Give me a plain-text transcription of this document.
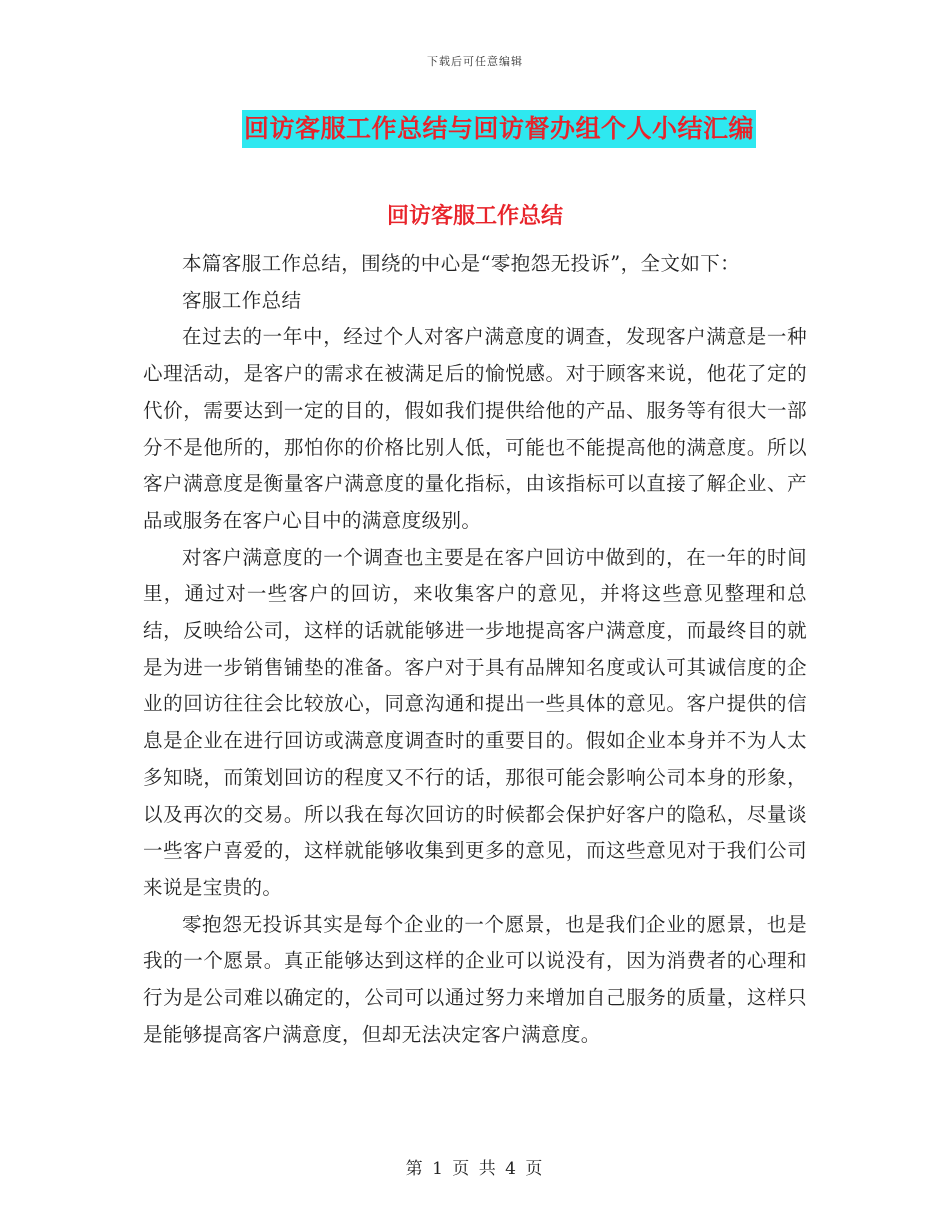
下载后可任意编辑
回访客服工作总结与回访督办组个人小结汇编
回访客服工作总结

本篇客服工作总结，围绕的中心是“零抱怨无投诉”，全文如下：

客服工作总结

在过去的一年中，经过个人对客户满意度的调查，发现客户满意是一种心理活动，是客户的需求在被满足后的愉悦感。对于顾客来说，他花了定的代价，需要达到一定的目的，假如我们提供给他的产品、服务等有很大一部分不是他所的，那怕你的价格比别人低，可能也不能提高他的满意度。所以客户满意度是衡量客户满意度的量化指标，由该指标可以直接了解企业、产品或服务在客户心目中的满意度级别。

对客户满意度的一个调查也主要是在客户回访中做到的，在一年的时间里，通过对一些客户的回访，来收集客户的意见，并将这些意见整理和总结，反映给公司，这样的话就能够进一步地提高客户满意度，而最终目的就是为进一步销售铺垫的准备。客户对于具有品牌知名度或认可其诚信度的企业的回访往往会比较放心，同意沟通和提出一些具体的意见。客户提供的信息是企业在进行回访或满意度调查时的重要目的。假如企业本身并不为人太多知晓，而策划回访的程度又不行的话，那很可能会影响公司本身的形象，以及再次的交易。所以我在每次回访的时候都会保护好客户的隐私，尽量谈一些客户喜爱的，这样就能够收集到更多的意见，而这些意见对于我们公司来说是宝贵的。

零抱怨无投诉其实是每个企业的一个愿景，也是我们企业的愿景，也是我的一个愿景。真正能够达到这样的企业可以说没有，因为消费者的心理和行为是公司难以确定的，公司可以通过努力来增加自己服务的质量，这样只是能够提高客户满意度，但却无法决定客户满意度。

第 1 页 共 4 页
